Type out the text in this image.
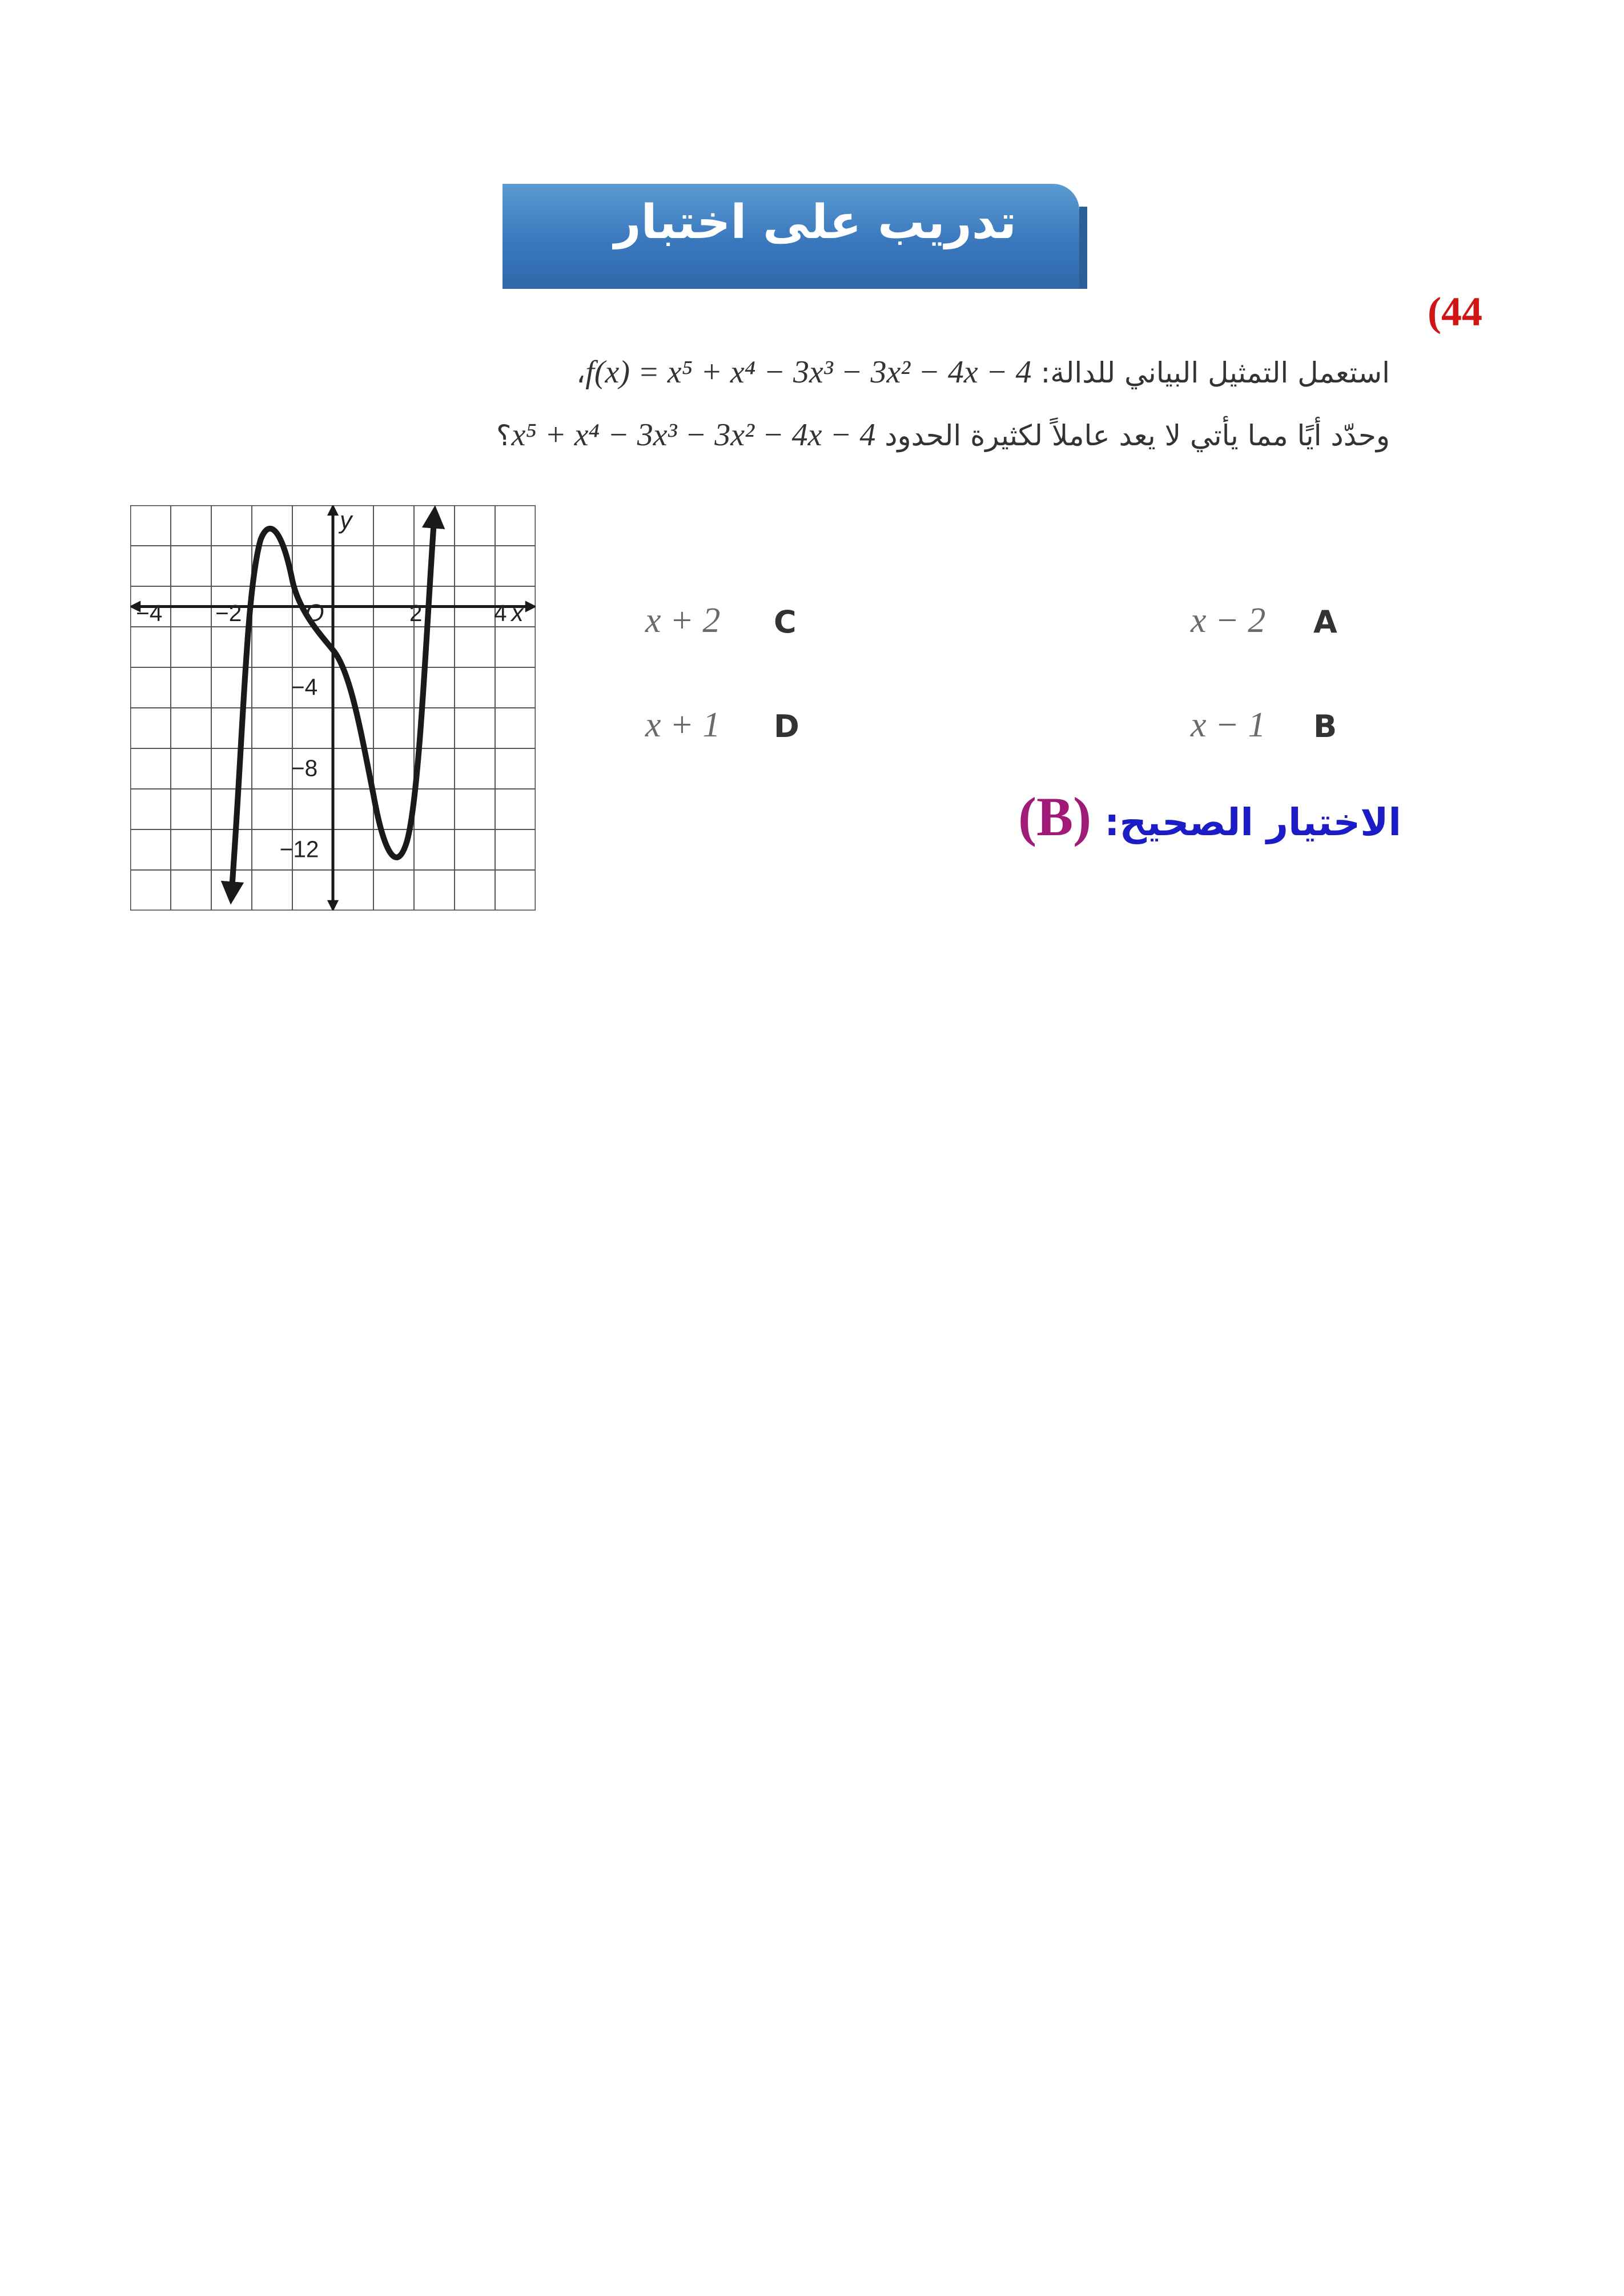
تدريب على اختبار
(44
استعمل التمثيل البياني للدالة: f(x) = x⁵ + x⁴ − 3x³ − 3x² − 4x − 4،
وحدّد أيًا مما يأتي لا يعد عاملاً لكثيرة الحدود x⁵ + x⁴ − 3x³ − 3x² − 4x − 4؟
x − 2 A
x − 1 B
x + 2 C
x + 1 D
الاختيار الصحيح: (B)
−4 −2	2	4 x
y
O
−4
−8
−12
